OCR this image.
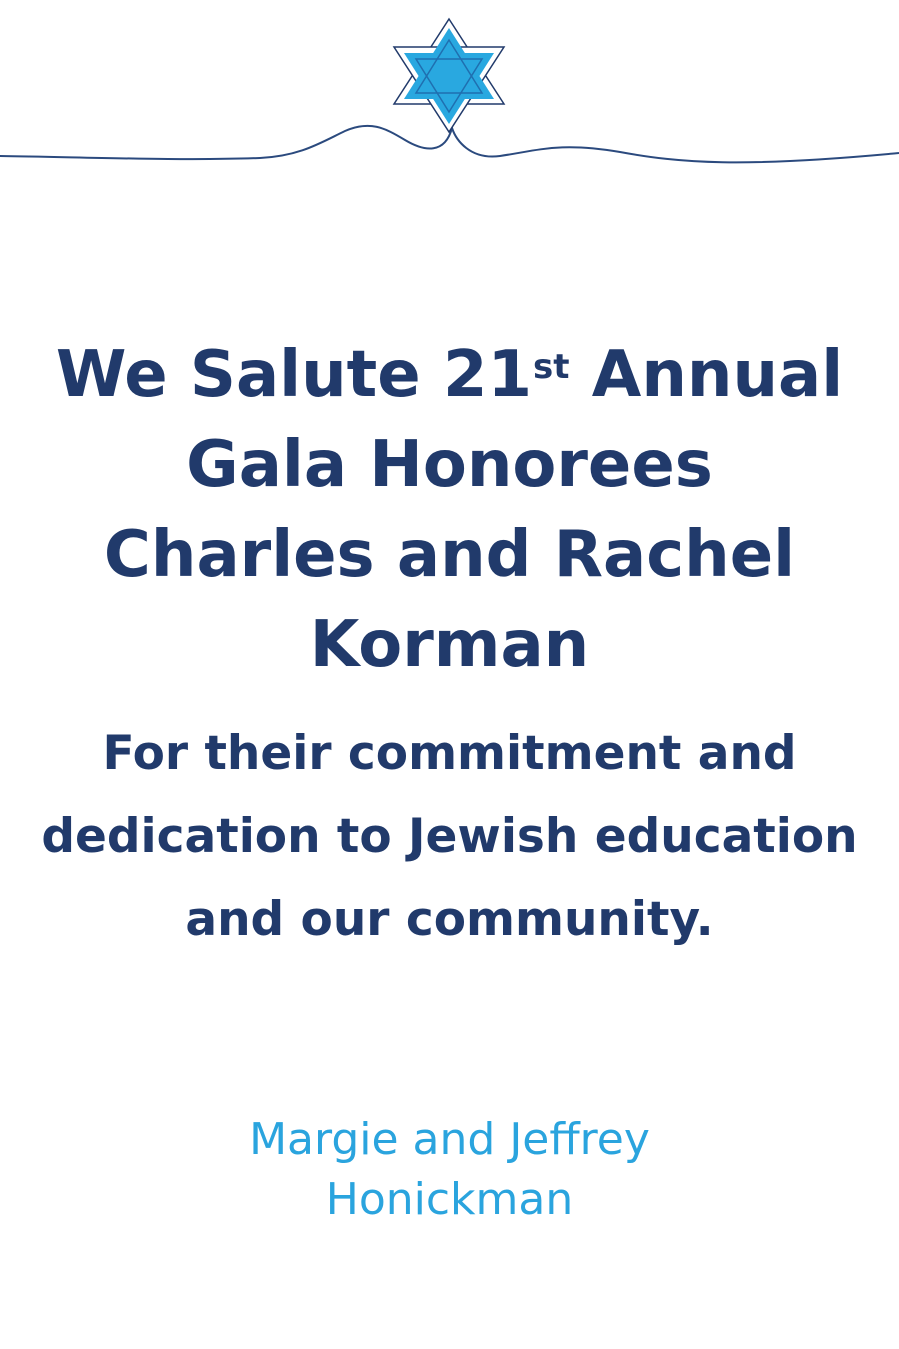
We Salute 21st Annual
Gala Honorees
Charles and Rachel
Korman

For their commitment and
dedication to Jewish education
and our community.

Margie and Jeffrey
Honickman
